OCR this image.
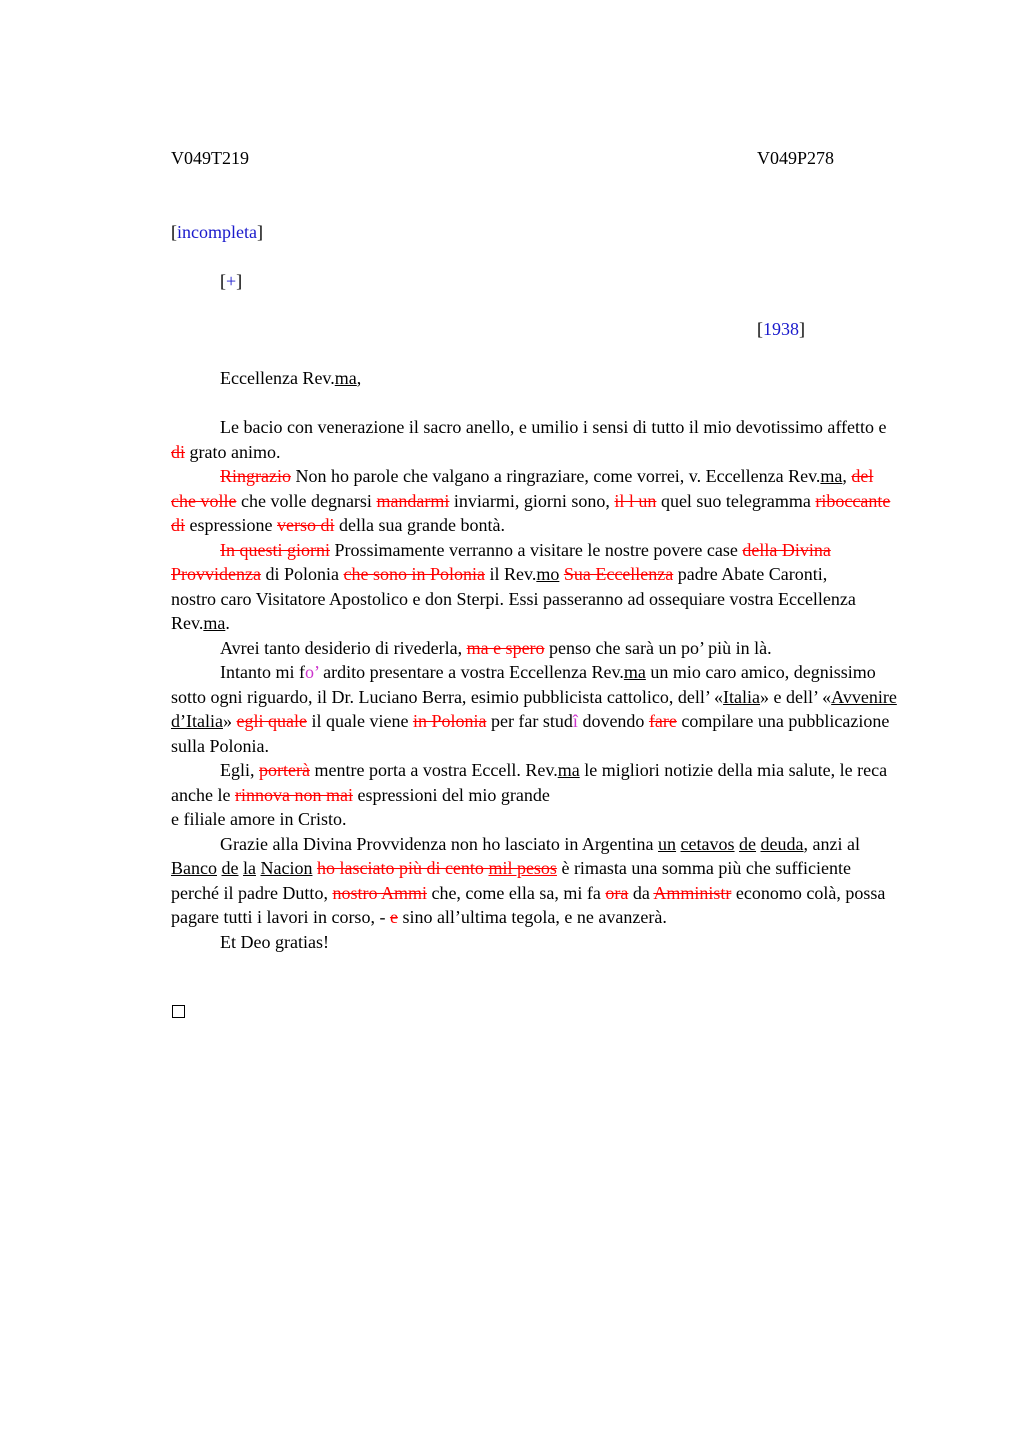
V049T219	V049P278
[incompleta]
[+]
[1938]
Eccellenza Rev.ma,

Le bacio con venerazione il sacro anello, e umilio i sensi di tutto il mio devotissimo affetto e di grato animo.

Ringrazio Non ho parole che valgano a ringraziare, come vorrei, v. Eccellenza Rev.ma, del che volle che volle degnarsi mandarmi inviarmi, giorni sono, il l un quel suo telegramma riboccante di espressione verso di della sua grande bontà.

In questi giorni Prossimamente verranno a visitare le nostre povere case della Divina Provvidenza di Polonia che sono in Polonia il Rev.mo Sua Eccellenza padre Abate Caronti,

nostro caro Visitatore Apostolico e don Sterpi. Essi passeranno ad ossequiare vostra Eccellenza Rev.ma.

Avrei tanto desiderio di rivederla, ma e spero penso che sarà un po’ più in là.

Intanto mi fo’ ardito presentare a vostra Eccellenza Rev.ma un mio caro amico, degnissimo sotto ogni riguardo, il Dr. Luciano Berra, esimio pubblicista cattolico, dell’ «Italia» e dell’ «Avvenire d’Italia» egli quale il quale viene in Polonia per far studî dovendo fare compilare una pubblicazione sulla Polonia.

Egli, porterà mentre porta a vostra Eccell. Rev.ma le migliori notizie della mia salute, le reca anche le rinnova non mai espressioni del mio grande

e filiale amore in Cristo.

Grazie alla Divina Provvidenza non ho lasciato in Argentina un cetavos de deuda, anzi al Banco de la Nacion ho lasciato più di cento mil pesos è rimasta una somma più che sufficiente perché il padre Dutto, nostro Ammi che, come ella sa, mi fa ora da Amministr economo colà, possa pagare tutti i lavori in corso, - e sino all’ultima tegola, e ne avanzerà.

Et Deo gratias!
